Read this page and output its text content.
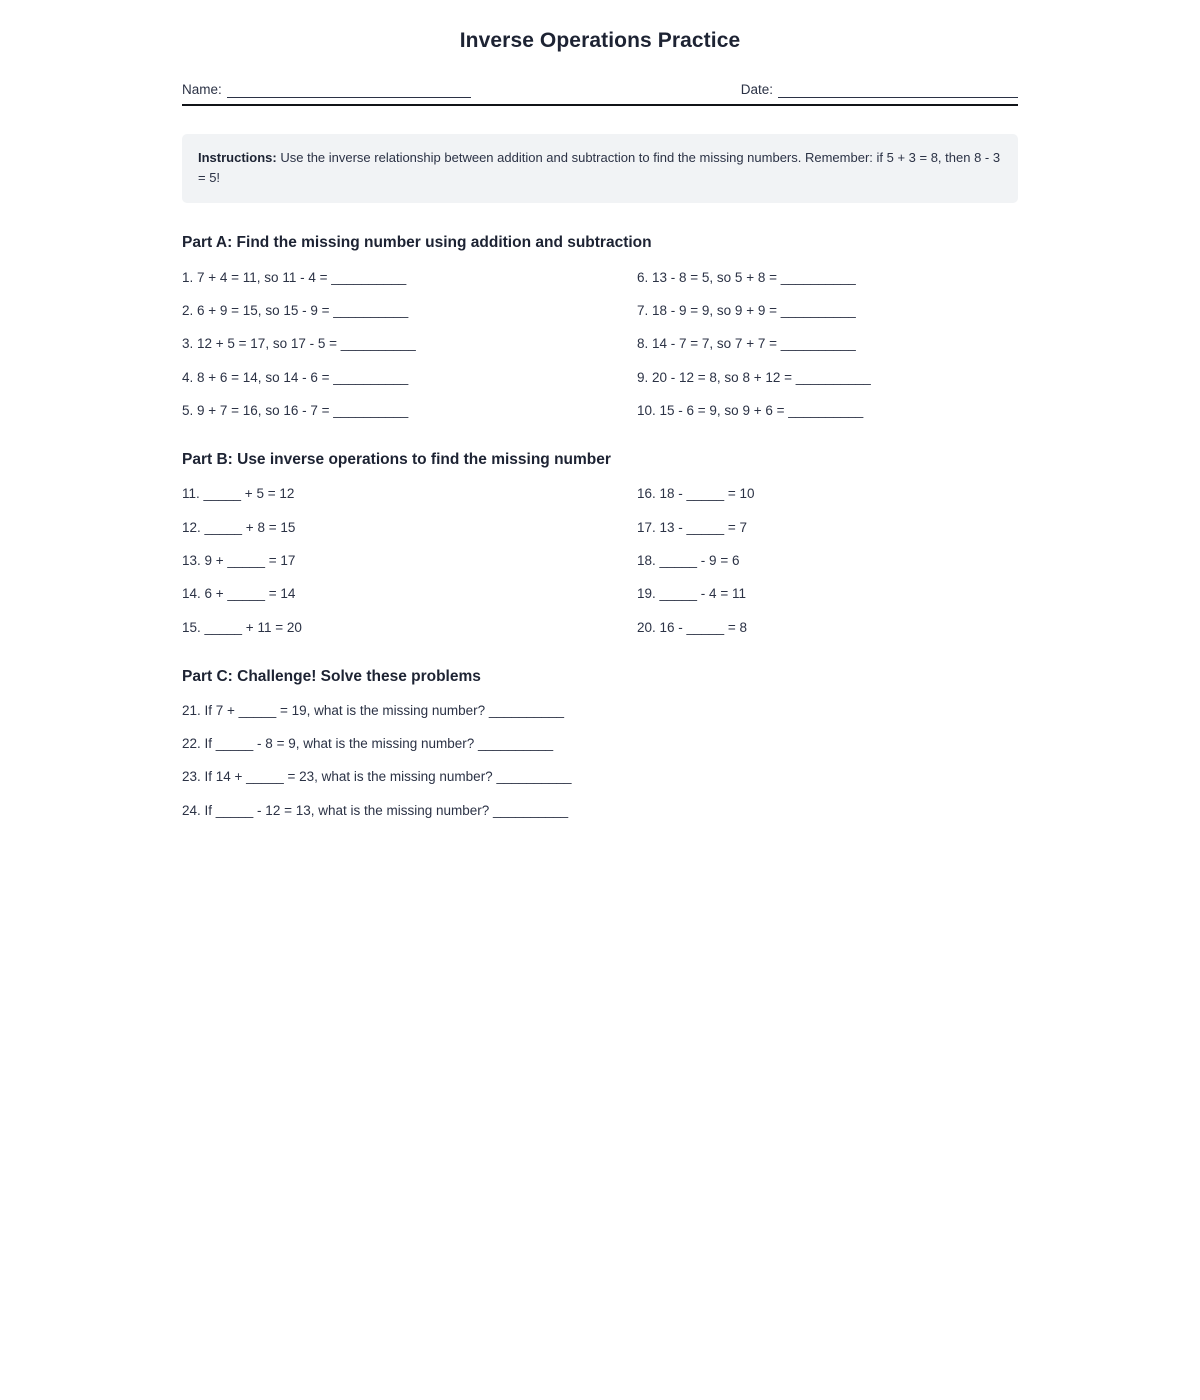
Inverse Operations Practice
Name:	Date:
Instructions: Use the inverse relationship between addition and subtraction to find the missing numbers. Remember: if 5 + 3 = 8, then 8 - 3 = 5!
Part A: Find the missing number using addition and subtraction

1. 7 + 4 = 11, so 11 - 4 = __________

2. 6 + 9 = 15, so 15 - 9 = __________

3. 12 + 5 = 17, so 17 - 5 = __________

4. 8 + 6 = 14, so 14 - 6 = __________

5. 9 + 7 = 16, so 16 - 7 = __________

6. 13 - 8 = 5, so 5 + 8 = __________

7. 18 - 9 = 9, so 9 + 9 = __________

8. 14 - 7 = 7, so 7 + 7 = __________

9. 20 - 12 = 8, so 8 + 12 = __________

10. 15 - 6 = 9, so 9 + 6 = __________

Part B: Use inverse operations to find the missing number

11. _____ + 5 = 12

12. _____ + 8 = 15

13. 9 + _____ = 17

14. 6 + _____ = 14

15. _____ + 11 = 20

16. 18 - _____ = 10

17. 13 - _____ = 7

18. _____ - 9 = 6

19. _____ - 4 = 11

20. 16 - _____ = 8

Part C: Challenge! Solve these problems

21. If 7 + _____ = 19, what is the missing number? __________

22. If _____ - 8 = 9, what is the missing number? __________

23. If 14 + _____ = 23, what is the missing number? __________

24. If _____ - 12 = 13, what is the missing number? __________
